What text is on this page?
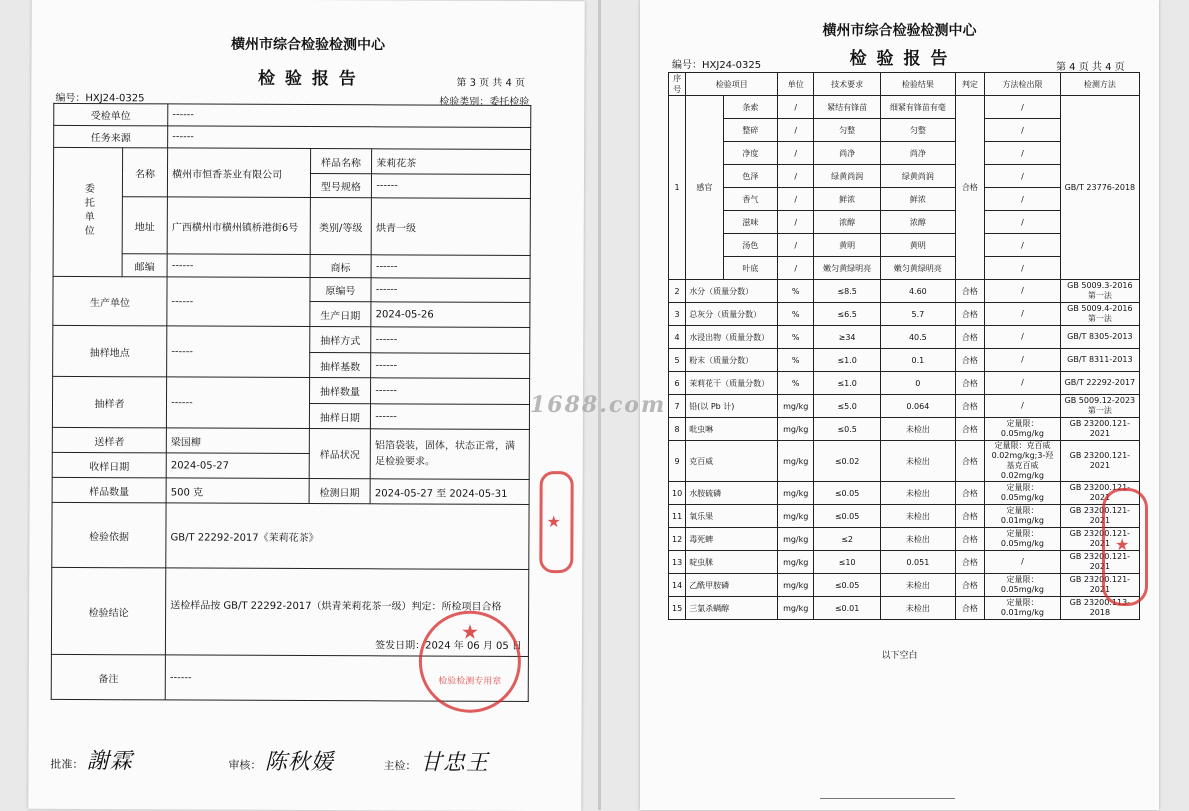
横州市综合检验检测中心
检 验 报 告	第 3 页 共 4 页
编号：HXJ24-0325	检验类别：委托检验
受检单位		------		
任务来源		------		
委托单位	名称	横州市恒香茶业有限公司	样品名称	茉莉花茶
			型号规格	------
	地址	广西横州市横州镇桥港街6号	类别/等级	烘青一级
	邮编	------	商标	------
生产单位		------	原编号	------
			生产日期	2024-05-26
抽样地点		------	抽样方式	------
			抽样基数	------
抽样者		------	抽样数量	------
			抽样日期	------
送样者		梁国柳	样品状况	铝箔袋装，固体，状态正常，满足检验要求。
收样日期		2024-05-27		
样品数量		500 克	检测日期	2024-05-27 至 2024-05-31
检验依据		GB/T 22292-2017《茉莉花茶》		
检验结论		送检样品按 GB/T 22292-2017（烘青茉莉花茶一级）判定：所检项目合格
签发日期：2024 年 06 月 05 日		

备注		------		
批准： 謝霖	审核： 陈秋媛	主检： 甘忠王
★
检验检测专用章
★
横州市综合检验检测中心
检 验 报 告
编号：HXJ24-0325	第 4 页 共 4 页
序号	检验项目		单位	技术要求	检验结果	判定	方法检出限	检测方法
1	感官	条索	/	紧结有锋苗	细紧有锋苗有毫	合格	/	GB/T 23776-2018
		整碎	/	匀整	匀整		/	
		净度	/	尚净	尚净		/	
		色泽	/	绿黄尚润	绿黄尚润		/	
		香气	/	鲜浓	鲜浓		/	
		滋味	/	浓醇	浓醇		/	
		汤色	/	黄明	黄明		/	
		叶底	/	嫩匀黄绿明亮	嫩匀黄绿明亮		/	
2	水分（质量分数）		%	≤8.5	4.60	合格	/	GB 5009.3-2016 第一法
3	总灰分（质量分数）		%	≤6.5	5.7	合格	/	GB 5009.4-2016 第一法
4	水浸出物（质量分数）		%	≥34	40.5	合格	/	GB/T 8305-2013
5	粉末（质量分数）		%	≤1.0	0.1	合格	/	GB/T 8311-2013
6	茉莉花干（质量分数）		%	≤1.0	0	合格	/	GB/T 22292-2017
7	铅(以 Pb 计)		mg/kg	≤5.0	0.064	合格	/	GB 5009.12-2023 第一法
8	吡虫啉		mg/kg	≤0.5	未检出	合格	定量限：0.05mg/kg	GB 23200.121-2021
9	克百威		mg/kg	≤0.02	未检出	合格	定量限：克百威 0.02mg/kg;3-羟基克百威 0.02mg/kg	GB 23200.121-2021
10	水胺硫磷		mg/kg	≤0.05	未检出	合格	定量限：0.05mg/kg	GB 23200.121-2021
11	氧乐果		mg/kg	≤0.05	未检出	合格	定量限：0.01mg/kg	GB 23200.121-2021
12	毒死蜱		mg/kg	≤2	未检出	合格	定量限：0.05mg/kg	GB 23200.121-2021
13	啶虫脒		mg/kg	≤10	0.051	合格	/	GB 23200.121-2021
14	乙酰甲胺磷		mg/kg	≤0.05	未检出	合格	定量限：0.05mg/kg	GB 23200.121-2021
15	三氯杀螨醇		mg/kg	≤0.01	未检出	合格	定量限：0.01mg/kg	GB 23200.113-2018
以下空白
★
1688.com
